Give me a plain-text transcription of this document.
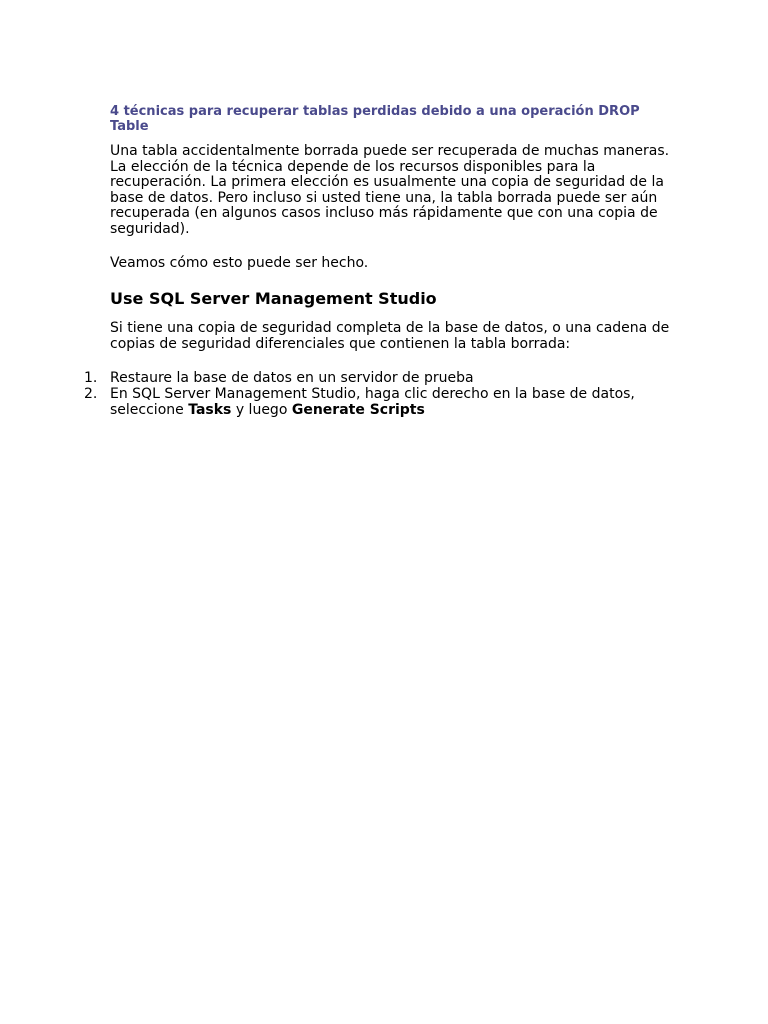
4 técnicas para recuperar tablas perdidas debido a una operación DROP Table

Una tabla accidentalmente borrada puede ser recuperada de muchas maneras. La elección de la técnica depende de los recursos disponibles para la recuperación. La primera elección es usualmente una copia de seguridad de la base de datos. Pero incluso si usted tiene una, la tabla borrada puede ser aún recuperada (en algunos casos incluso más rápidamente que con una copia de seguridad).

Veamos cómo esto puede ser hecho.

Use SQL Server Management Studio

Si tiene una copia de seguridad completa de la base de datos, o una cadena de copias de seguridad diferenciales que contienen la tabla borrada:

1. Restaure la base de datos en un servidor de prueba
2. En SQL Server Management Studio, haga clic derecho en la base de datos, seleccione Tasks y luego Generate Scripts
